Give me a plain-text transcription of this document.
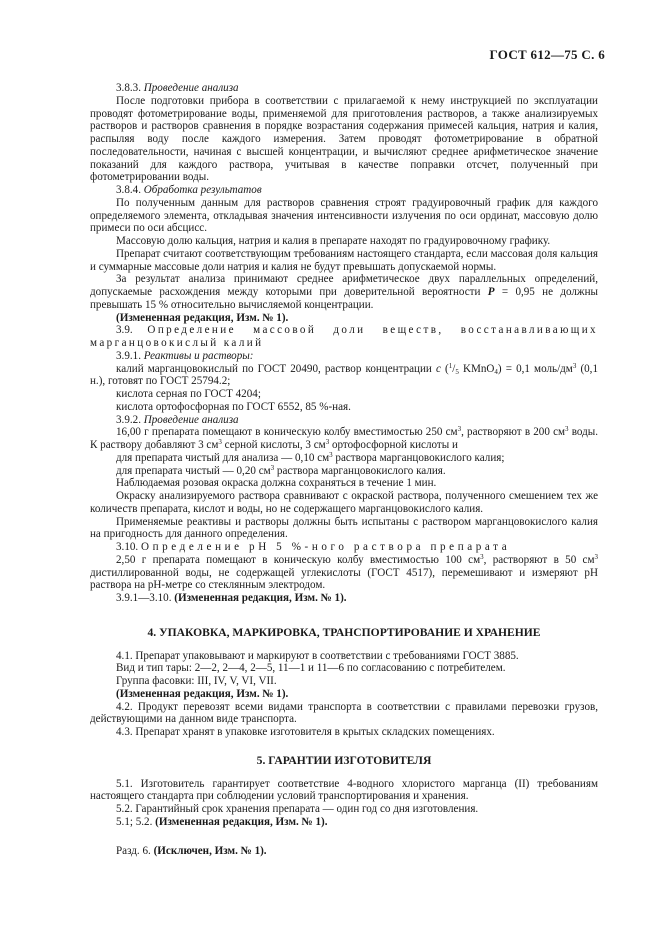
ГОСТ 612—75 С. 6

3.8.3. Проведение анализа

После подготовки прибора в соответствии с прилагаемой к нему инструкцией по эксплуатации проводят фотометрирование воды, применяемой для приготовления растворов, а также анализируемых растворов и растворов сравнения в порядке возрастания содержания примесей кальция, натрия и калия, распыляя воду после каждого измерения. Затем проводят фотометрирование в обратной последовательности, начиная с высшей концентрации, и вычисляют среднее арифметическое значение показаний для каждого раствора, учитывая в качестве поправки отсчет, полученный при фотометрировании воды.

3.8.4. Обработка результатов

По полученным данным для растворов сравнения строят градуировочный график для каждого определяемого элемента, откладывая значения интенсивности излучения по оси ординат, массовую долю примеси по оси абсцисс.

Массовую долю кальция, натрия и калия в препарате находят по градуировочному графику.

Препарат считают соответствующим требованиям настоящего стандарта, если массовая доля кальция и суммарные массовые доли натрия и калия не будут превышать допускаемой нормы.

За результат анализа принимают среднее арифметическое двух параллельных определений, допускаемые расхождения между которыми при доверительной вероятности P = 0,95 не должны превышать 15 % относительно вычисляемой концентрации.

(Измененная редакция, Изм. № 1).

3.9. Определение массовой доли веществ, восстанавливающих марганцовокислый калий

3.9.1. Реактивы и растворы:

калий марганцовокислый по ГОСТ 20490, раствор концентрации c ($^1/_5$ KMnO$_4$) = 0,1 моль/$дм^3$ (0,1 н.), готовят по ГОСТ 25794.2;

кислота серная по ГОСТ 4204;

кислота ортофосфорная по ГОСТ 6552, 85 %-ная.

3.9.2. Проведение анализа

16,00 г препарата помещают в коническую колбу вместимостью 250 $см^3$, растворяют в 200 $см^3$ воды. К раствору добавляют 3 $см^3$ серной кислоты, 3 $см^3$ ортофосфорной кислоты и

для препарата чистый для анализа — 0,10 $см^3$ раствора марганцовокислого калия;

для препарата чистый — 0,20 $см^3$ раствора марганцовокислого калия.

Наблюдаемая розовая окраска должна сохраняться в течение 1 мин.

Окраску анализируемого раствора сравнивают с окраской раствора, полученного смешением тех же количеств препарата, кислот и воды, но не содержащего марганцовокислого калия.

Применяемые реактивы и растворы должны быть испытаны с раствором марганцовокислого калия на пригодность для данного определения.

3.10. Определение рН 5 %-ного раствора препарата

2,50 г препарата помещают в коническую колбу вместимостью 100 $см^3$, растворяют в 50 $см^3$ дистиллированной воды, не содержащей углекислоты (ГОСТ 4517), перемешивают и измеряют рН раствора на рН-метре со стеклянным электродом.

3.9.1—3.10. (Измененная редакция, Изм. № 1).

4. УПАКОВКА, МАРКИРОВКА, ТРАНСПОРТИРОВАНИЕ И ХРАНЕНИЕ

4.1. Препарат упаковывают и маркируют в соответствии с требованиями ГОСТ 3885.

Вид и тип тары: 2—2, 2—4, 2—5, 11—1 и 11—6 по согласованию с потребителем.

Группа фасовки: III, IV, V, VI, VII.

(Измененная редакция, Изм. № 1).

4.2. Продукт перевозят всеми видами транспорта в соответствии с правилами перевозки грузов, действующими на данном виде транспорта.

4.3. Препарат хранят в упаковке изготовителя в крытых складских помещениях.

5. ГАРАНТИИ ИЗГОТОВИТЕЛЯ

5.1. Изготовитель гарантирует соответствие 4-водного хлористого марганца (II) требованиям настоящего стандарта при соблюдении условий транспортирования и хранения.

5.2. Гарантийный срок хранения препарата — один год со дня изготовления.

5.1; 5.2. (Измененная редакция, Изм. № 1).

Разд. 6. (Исключен, Изм. № 1).
